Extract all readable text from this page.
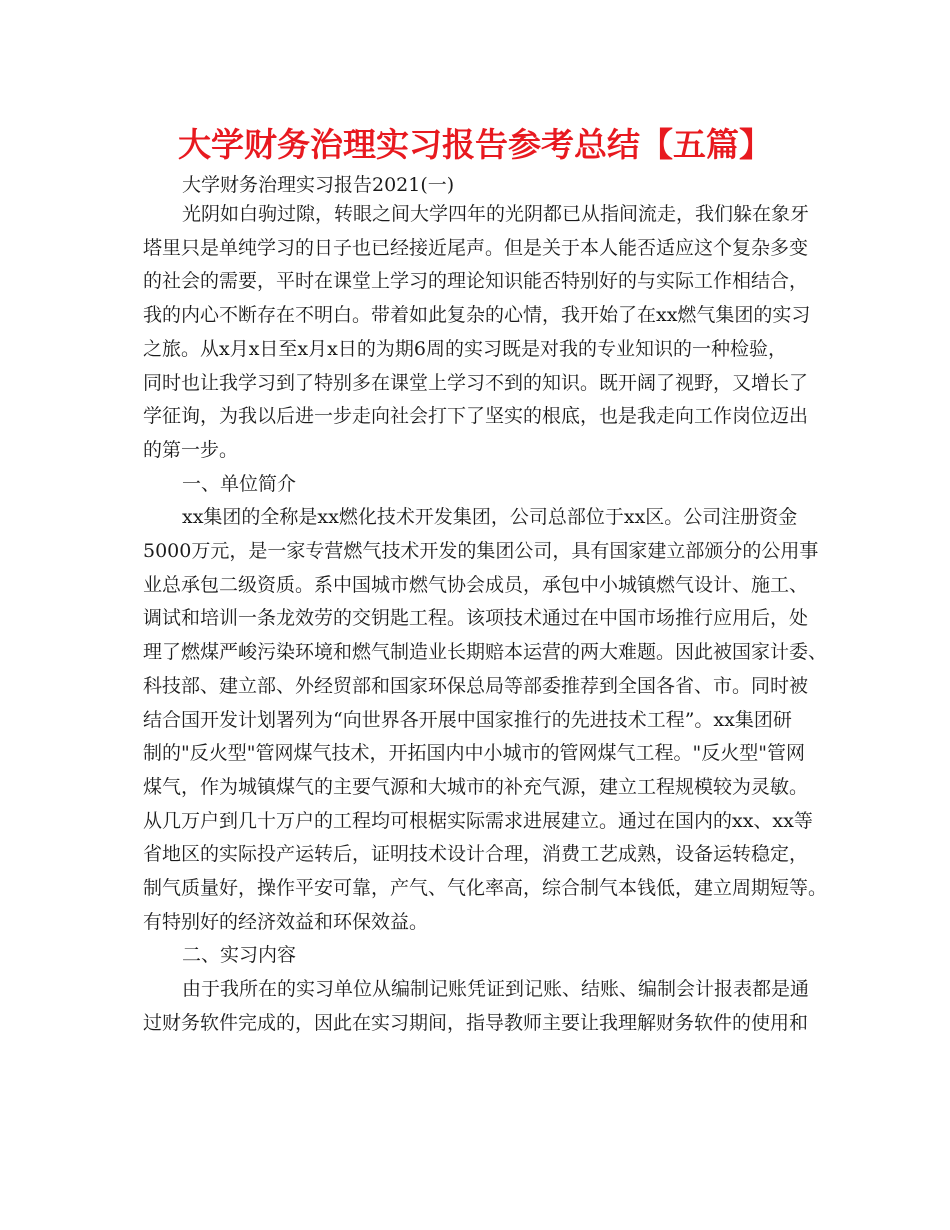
大学财务治理实习报告参考总结【五篇】
大学财务治理实习报告2021(一)
光阴如白驹过隙，转眼之间大学四年的光阴都已从指间流走，我们躲在象牙
塔里只是单纯学习的日子也已经接近尾声。但是关于本人能否适应这个复杂多变
的社会的需要，平时在课堂上学习的理论知识能否特别好的与实际工作相结合，
我的内心不断存在不明白。带着如此复杂的心情，我开始了在xx燃气集团的实习
之旅。从x月x日至x月x日的为期6周的实习既是对我的专业知识的一种检验，
同时也让我学习到了特别多在课堂上学习不到的知识。既开阔了视野，又增长了
学征询，为我以后进一步走向社会打下了坚实的根底，也是我走向工作岗位迈出
的第一步。
一、单位简介
xx集团的全称是xx燃化技术开发集团，公司总部位于xx区。公司注册资金
5000万元，是一家专营燃气技术开发的集团公司，具有国家建立部颁分的公用事
业总承包二级资质。系中国城市燃气协会成员，承包中小城镇燃气设计、施工、
调试和培训一条龙效劳的交钥匙工程。该项技术通过在中国市场推行应用后，处
理了燃煤严峻污染环境和燃气制造业长期赔本运营的两大难题。因此被国家计委、
科技部、建立部、外经贸部和国家环保总局等部委推荐到全国各省、市。同时被
结合国开发计划署列为“向世界各开展中国家推行的先进技术工程”。xx集团研
制的"反火型"管网煤气技术，开拓国内中小城市的管网煤气工程。"反火型"管网
煤气，作为城镇煤气的主要气源和大城市的补充气源，建立工程规模较为灵敏。
从几万户到几十万户的工程均可根椐实际需求进展建立。通过在国内的xx、xx等
省地区的实际投产运转后，证明技术设计合理，消费工艺成熟，设备运转稳定，
制气质量好，操作平安可靠，产气、气化率高，综合制气本钱低，建立周期短等。
有特别好的经济效益和环保效益。
二、实习内容
由于我所在的实习单位从编制记账凭证到记账、结账、编制会计报表都是通
过财务软件完成的，因此在实习期间，指导教师主要让我理解财务软件的使用和
